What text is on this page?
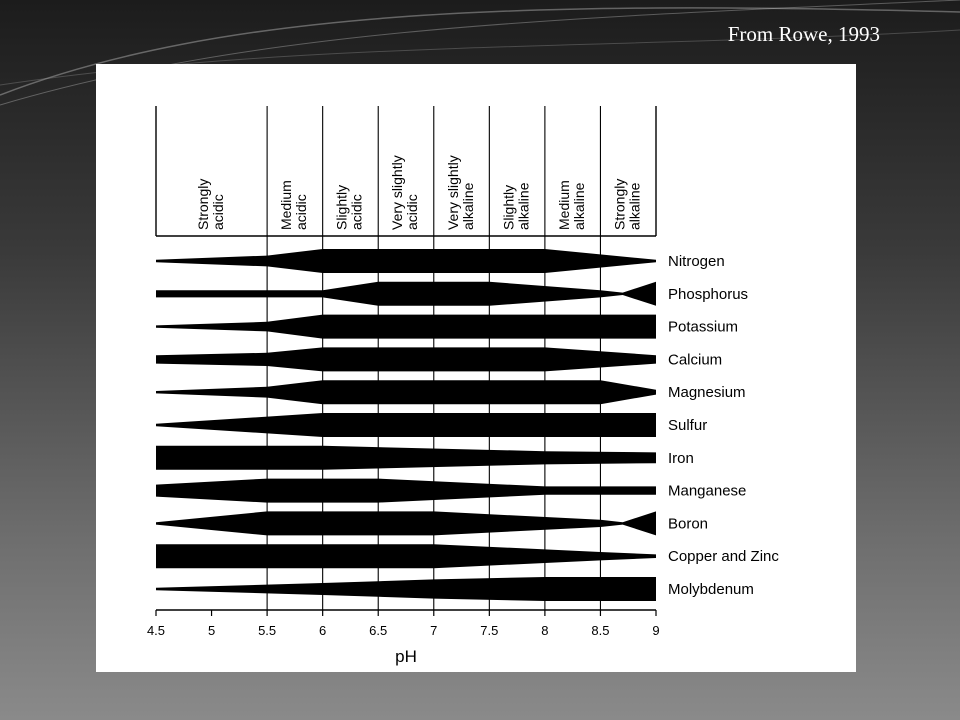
From Rowe, 1993
Strongly acidic	Medium acidic Slightly acidic Very slightly acidic Very slightly alkaline Slightly alkaline Medium alkaline Strongly alkaline
Nitrogen
Phosphorus
Potassium
Calcium
Magnesium
Sulfur
Iron
Manganese
Boron
Copper and Zinc
Molybdenum
4.5	5	5.5	6	6.5	7	7.5	8	8.5	9
pH
